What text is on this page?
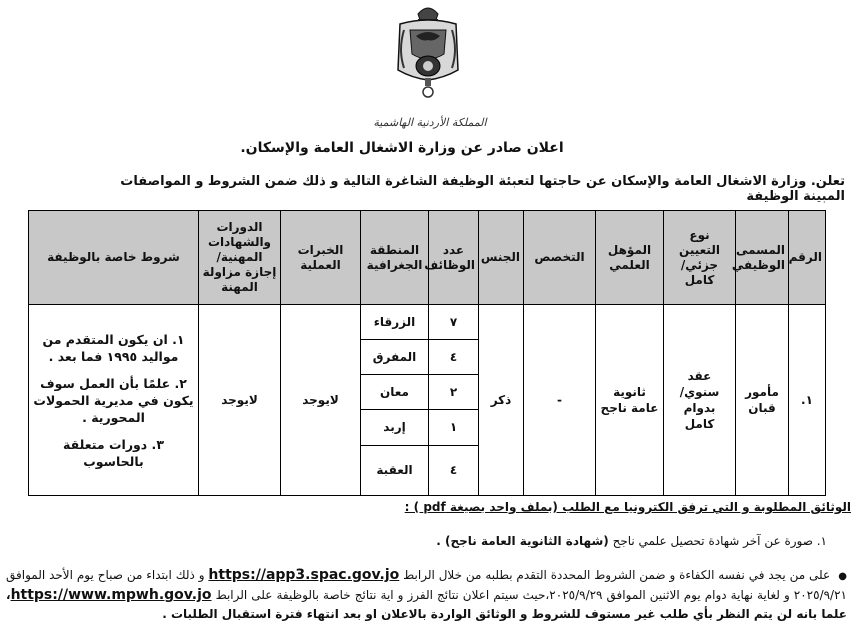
المملكة الأردنية الهاشمية
اعلان صادر عن وزارة الاشغال العامة والإسكان.
تعلن. وزارة الاشغال العامة والإسكان عن حاجتها لتعبئة الوظيفة الشاغرة التالية و ذلك ضمن الشروط و المواصفات المبينة الوظيفة
الرقم	المسمى الوظيفي	نوع التعيين جزئي/كامل	المؤهل العلمي	التخصص	الجنس	عدد الوظائف	المنطقة الجغرافية	الخبرات العملية	الدورات والشهادات المهنية/إجازة مزاولة المهنة	شروط خاصة بالوظيفة
١.	مأمور قبان	عقد سنوي/بدوام كامل	ثانوية عامة ناجح	-	ذكر	٧	الزرقاء	لايوجد	لايوجد	١. ان يكون المتقدم من مواليد ١٩٩٥ فما بعد .
٢. علمًا بأن العمل سوف يكون في مديرية الحمولات المحورية .
٣. دورات متعلقة بالحاسوب

						٤	المفرق			
						٢	معان			
						١	إربد			
						٤	العقبة			
الوثائق المطلوبة و التي ترفق الكترونيا مع الطلب (بملف واحد بصيغة pdf ) :
١. صورة عن آخر شهادة تحصيل علمي ناجح (شهادة الثانوية العامة ناجح) .
●على من يجد في نفسه الكفاءة و ضمن الشروط المحددة التقدم بطلبه من خلال الرابط https://app3.spac.gov.jo و ذلك ابتداء من صباح يوم الأحد الموافق ٢٠٢٥/٩/٢١ و لغاية نهاية دوام يوم الاثنين الموافق ٢٠٢٥/٩/٢٩،حيث سيتم اعلان نتائج الفرز و اية نتائج خاصة بالوظيفة على الرابط https://www.mpwh.gov.jo، علما بانه لن يتم النظر بأي طلب غير مستوف للشروط و الوثائق الواردة بالاعلان او بعد انتهاء فترة استقبال الطلبات .
